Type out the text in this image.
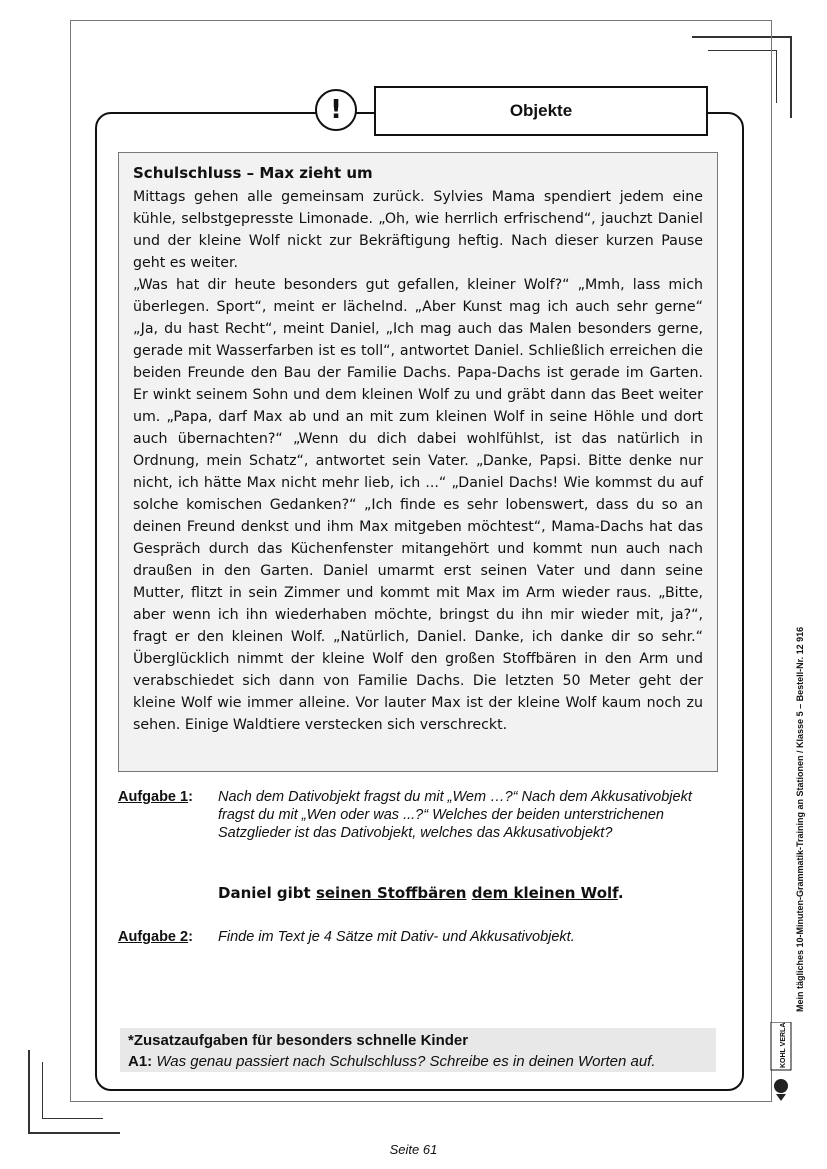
!	Objekte
Schulschluss – Max zieht um

Mittags gehen alle gemeinsam zurück. Sylvies Mama spendiert jedem eine kühle, selbstgepresste Limonade. „Oh, wie herrlich erfrischend“, jauchzt Daniel und der kleine Wolf nickt zur Bekräftigung heftig. Nach dieser kurzen Pause geht es weiter.

„Was hat dir heute besonders gut gefallen, kleiner Wolf?“ „Mmh, lass mich überlegen. Sport“, meint er lächelnd. „Aber Kunst mag ich auch sehr gerne“ „Ja, du hast Recht“, meint Daniel, „Ich mag auch das Malen besonders gerne, gerade mit Wasserfarben ist es toll“, antwortet Daniel. Schließlich erreichen die beiden Freunde den Bau der Familie Dachs. Papa-Dachs ist gerade im Garten. Er winkt seinem Sohn und dem kleinen Wolf zu und gräbt dann das Beet weiter um. „Papa, darf Max ab und an mit zum kleinen Wolf in seine Höhle und dort auch übernachten?“ „Wenn du dich dabei wohlfühlst, ist das natürlich in Ordnung, mein Schatz“, antwortet sein Vater. „Danke, Papsi. Bitte denke nur nicht, ich hätte Max nicht mehr lieb, ich ...“ „Daniel Dachs! Wie kommst du auf solche komischen Gedanken?“ „Ich finde es sehr lobenswert, dass du so an deinen Freund denkst und ihm Max mitgeben möchtest“, Mama-Dachs hat das Gespräch durch das Küchenfenster mitangehört und kommt nun auch nach draußen in den Garten. Daniel umarmt erst seinen Vater und dann seine Mutter, flitzt in sein Zimmer und kommt mit Max im Arm wieder raus. „Bitte, aber wenn ich ihn wiederhaben möchte, bringst du ihn mir wieder mit, ja?“, fragt er den kleinen Wolf. „Natürlich, Daniel. Danke, ich danke dir so sehr.“ Überglücklich nimmt der kleine Wolf den großen Stoffbären in den Arm und verabschiedet sich dann von Familie Dachs. Die letzten 50 Meter geht der kleine Wolf wie immer alleine. Vor lauter Max ist der kleine Wolf kaum noch zu sehen. Einige Waldtiere verstecken sich verschreckt.

Aufgabe 1: Nach dem Dativobjekt fragst du mit „Wem …?“ Nach dem Akkusativobjekt fragst du mit „Wen oder was ...?“ Welches der beiden unterstrichenen Satzglieder ist das Dativobjekt, welches das Akkusativobjekt?
Daniel gibt seinen Stoffbären dem kleinen Wolf.
Aufgabe 2: Finde im Text je 4 Sätze mit Dativ- und Akkusativobjekt.
*Zusatzaufgaben für besonders schnelle Kinder
A1: Was genau passiert nach Schulschluss? Schreibe es in deinen Worten auf.
Mein tägliches 10-Minuten-Grammatik-Training an Stationen / Klasse 5 – Bestell-Nr. 12 916
KOHL VERLAG
Seite 61
